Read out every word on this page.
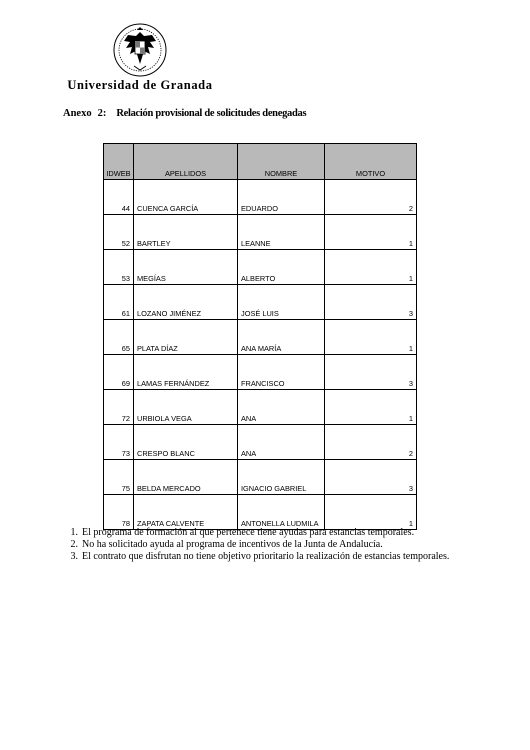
Universidad de Granada
Anexo 2: Relación provisional de solicitudes denegadas
IDWEB	APELLIDOS	NOMBRE	MOTIVO
44	CUENCA GARCÍA	EDUARDO	2
52	BARTLEY	LEANNE	1
53	MEGÍAS	ALBERTO	1
61	LOZANO JIMÉNEZ	JOSÉ LUIS	3
65	PLATA DÍAZ	ANA MARÍA	1
69	LAMAS FERNÁNDEZ	FRANCISCO	3
72	URBIOLA VEGA	ANA	1
73	CRESPO BLANC	ANA	2
75	BELDA MERCADO	IGNACIO GABRIEL	3
78	ZAPATA CALVENTE	ANTONELLA LUDMILA	1
1. El programa de formación al que pertenece tiene ayudas para estancias temporales.
2. No ha solicitado ayuda al programa de incentivos de la Junta de Andalucía.
3. El contrato que disfrutan no tiene objetivo prioritario la realización de estancias temporales.
